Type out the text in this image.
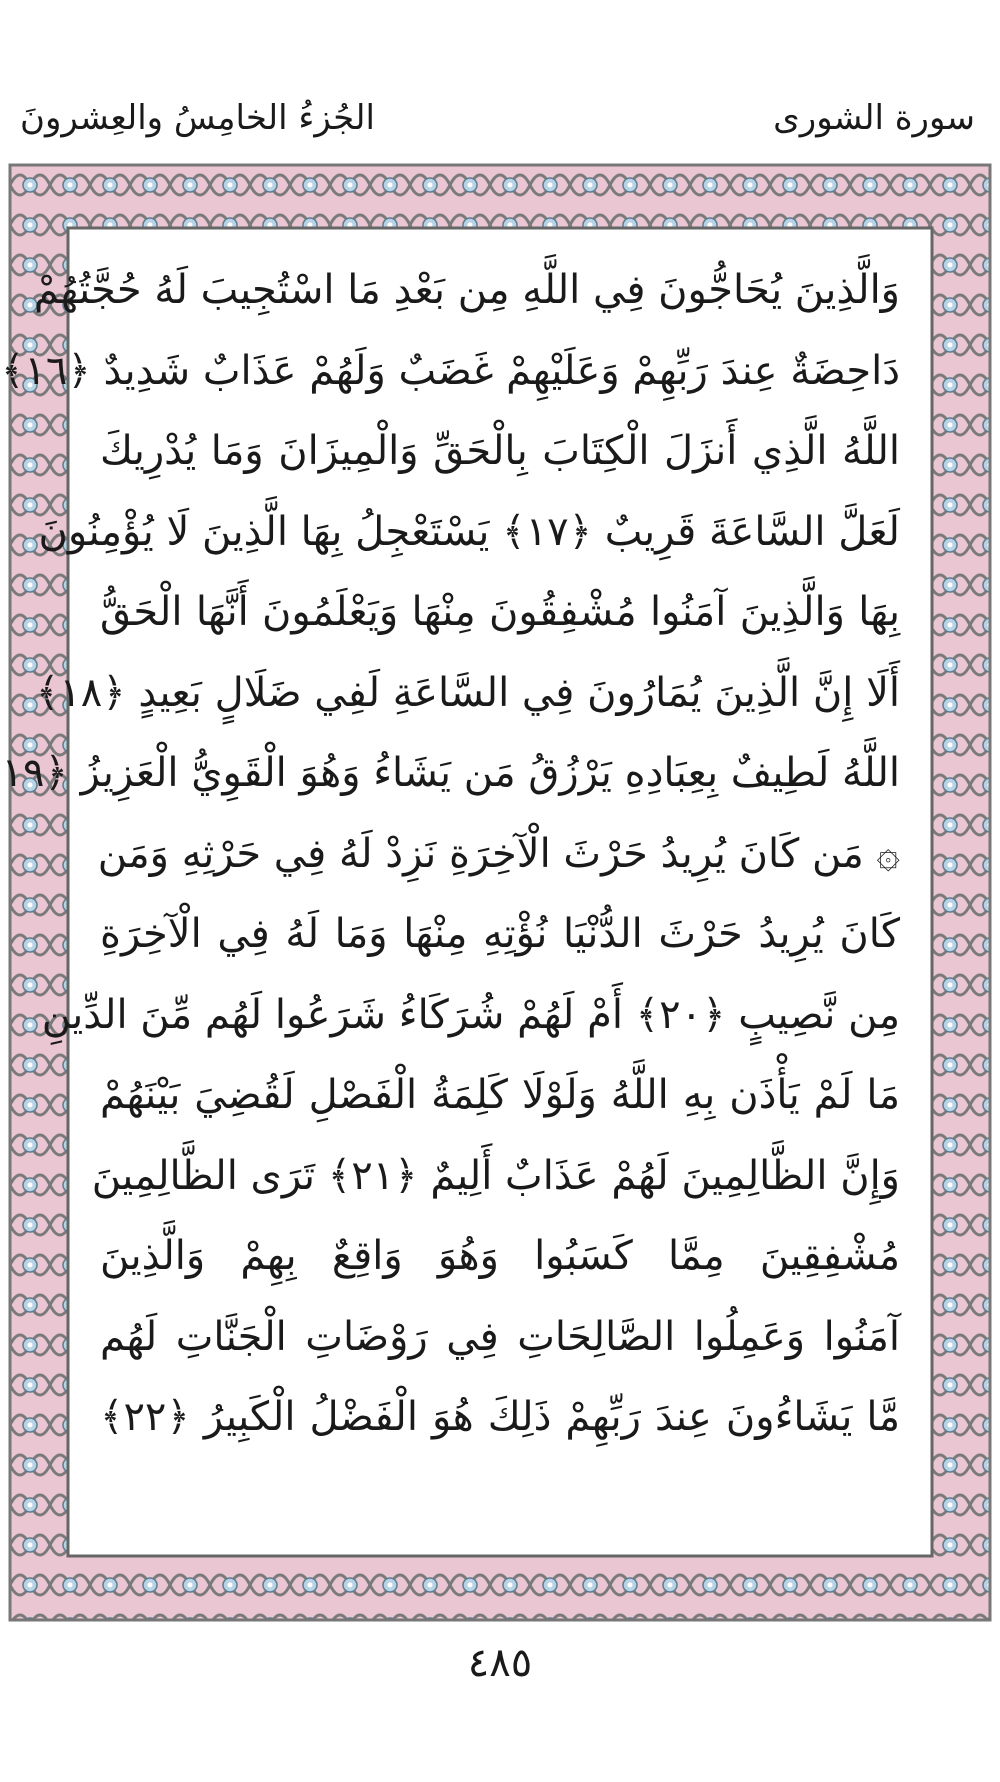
الجُزءُ الخامِسُ والعِشرونَ	سورة الشورى
وَالَّذِينَ يُحَاجُّونَ فِي اللَّهِ مِن بَعْدِ مَا اسْتُجِيبَ لَهُ حُجَّتُهُمْ
دَاحِضَةٌ عِندَ رَبِّهِمْ وَعَلَيْهِمْ غَضَبٌ وَلَهُمْ عَذَابٌ شَدِيدٌ ﴿١٦﴾
اللَّهُ الَّذِي أَنزَلَ الْكِتَابَ بِالْحَقِّ وَالْمِيزَانَ وَمَا يُدْرِيكَ
لَعَلَّ السَّاعَةَ قَرِيبٌ ﴿١٧﴾ يَسْتَعْجِلُ بِهَا الَّذِينَ لَا يُؤْمِنُونَ
بِهَا وَالَّذِينَ آمَنُوا مُشْفِقُونَ مِنْهَا وَيَعْلَمُونَ أَنَّهَا الْحَقُّ
أَلَا إِنَّ الَّذِينَ يُمَارُونَ فِي السَّاعَةِ لَفِي ضَلَالٍ بَعِيدٍ ﴿١٨﴾
اللَّهُ لَطِيفٌ بِعِبَادِهِ يَرْزُقُ مَن يَشَاءُ وَهُوَ الْقَوِيُّ الْعَزِيزُ ﴿١٩
۞ مَن كَانَ يُرِيدُ حَرْثَ الْآخِرَةِ نَزِدْ لَهُ فِي حَرْثِهِ وَمَن
كَانَ يُرِيدُ حَرْثَ الدُّنْيَا نُؤْتِهِ مِنْهَا وَمَا لَهُ فِي الْآخِرَةِ
مِن نَّصِيبٍ ﴿٢٠﴾ أَمْ لَهُمْ شُرَكَاءُ شَرَعُوا لَهُم مِّنَ الدِّينِ
مَا لَمْ يَأْذَن بِهِ اللَّهُ وَلَوْلَا كَلِمَةُ الْفَصْلِ لَقُضِيَ بَيْنَهُمْ
وَإِنَّ الظَّالِمِينَ لَهُمْ عَذَابٌ أَلِيمٌ ﴿٢١﴾ تَرَى الظَّالِمِينَ
مُشْفِقِينَ مِمَّا كَسَبُوا وَهُوَ وَاقِعٌ بِهِمْ وَالَّذِينَ
آمَنُوا وَعَمِلُوا الصَّالِحَاتِ فِي رَوْضَاتِ الْجَنَّاتِ لَهُم
مَّا يَشَاءُونَ عِندَ رَبِّهِمْ ذَلِكَ هُوَ الْفَضْلُ الْكَبِيرُ ﴿٢٢﴾
٤٨٥
